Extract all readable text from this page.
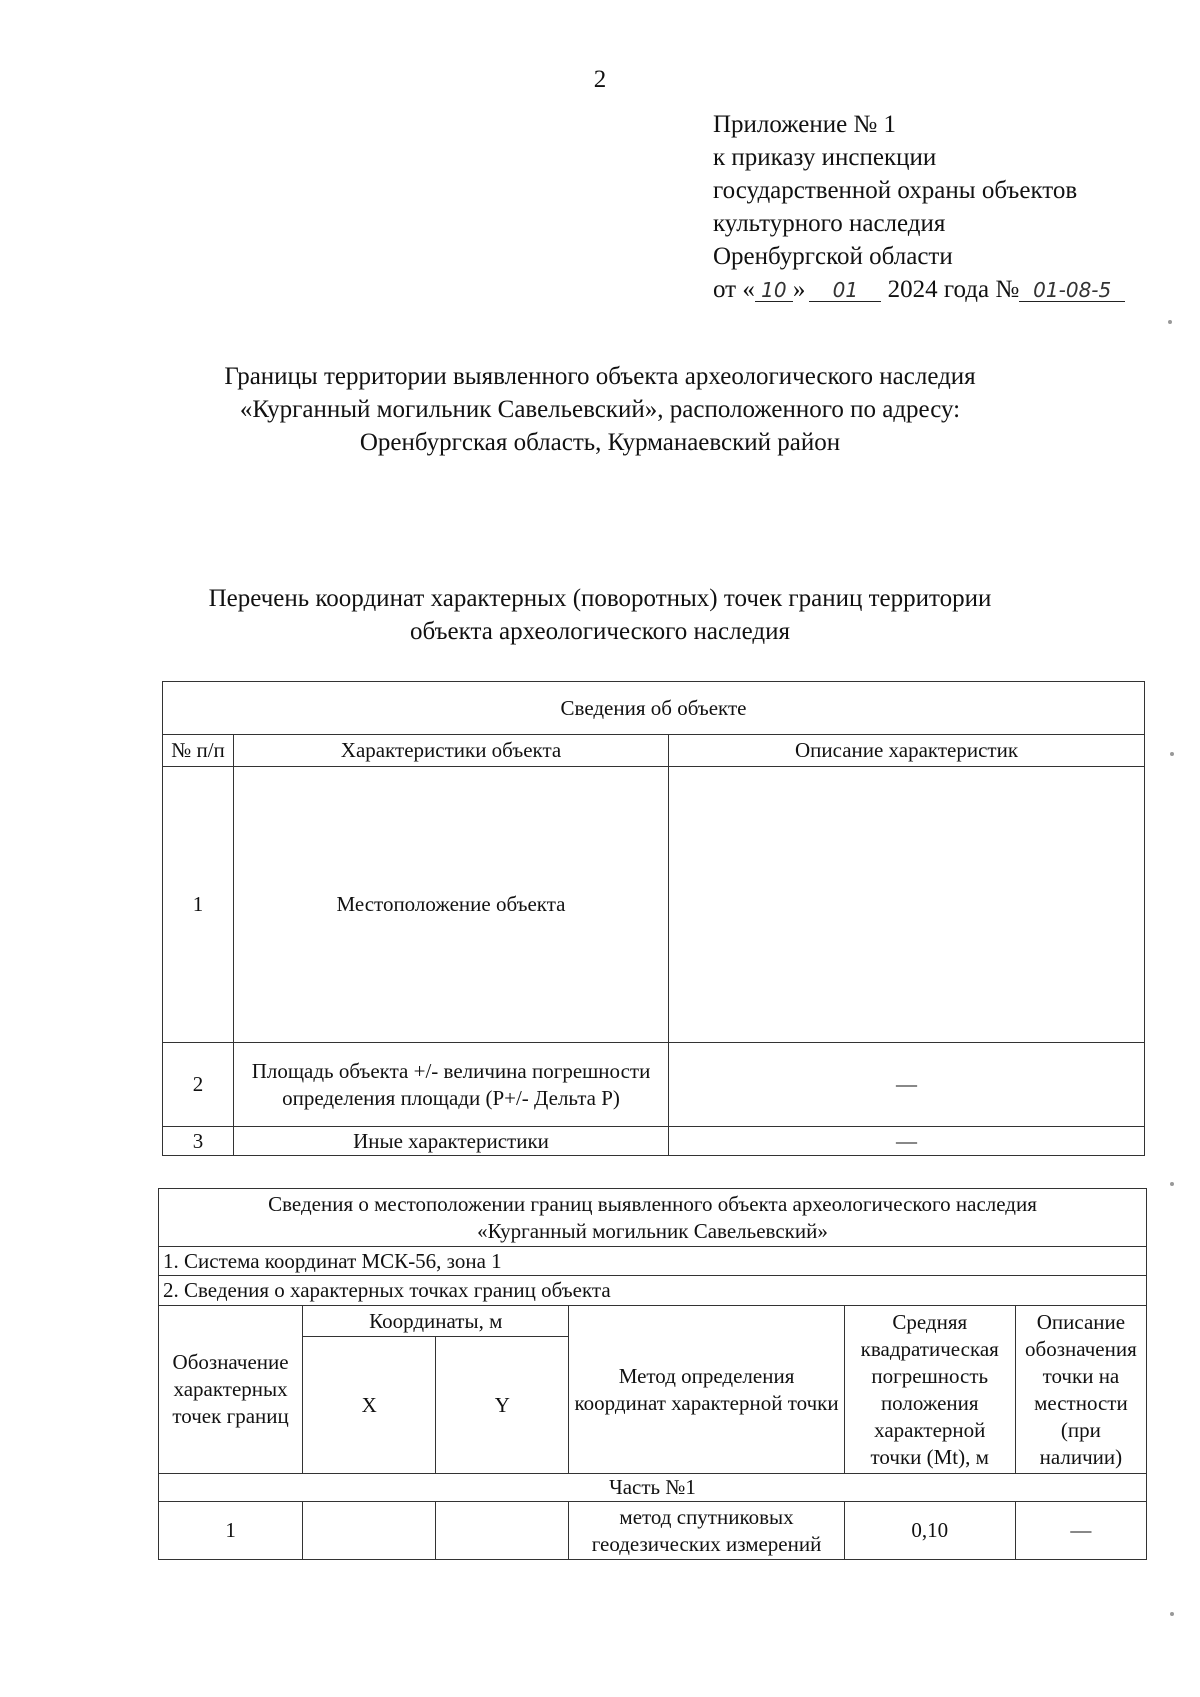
2
Приложение № 1
к приказу инспекции
государственной охраны объектов
культурного наследия
Оренбургской области
от « 10 » 01 2024 года № 01-08-5
Границы территории выявленного объекта археологического наследия
«Курганный могильник Савельевский», расположенного по адресу:
Оренбургская область, Курманаевский район
Перечень координат характерных (поворотных) точек границ территории
объекта археологического наследия
Сведения об объекте		
№ п/п	Характеристики объекта	Описание характеристик
1	Местоположение объекта	
2	Площадь объекта +/- величина погрешности определения площади (Р+/- Дельта Р)	—
3	Иные характеристики	—
Сведения о местоположении границ выявленного объекта археологического наследия
«Курганный могильник Савельевский»					

1. Система координат МСК-56, зона 1					
2. Сведения о характерных точках границ объекта					
Обозначение характерных точек границ	Координаты, м		Метод определения координат характерной точки	Средняя квадратическая погрешность положения характерной точки (Mt), м	Описание обозначения точки на местности (при наличии)
	X	Y			
Часть №1					
1			метод спутниковых геодезических измерений	0,10	—
